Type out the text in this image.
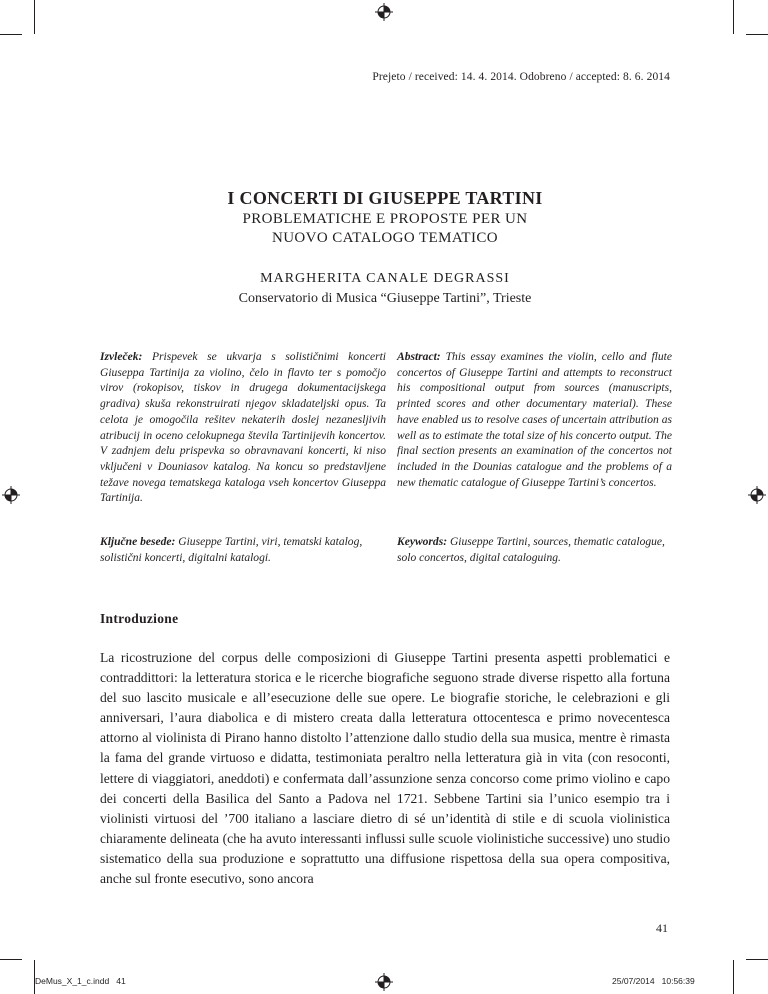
Prejeto / received: 14. 4. 2014. Odobreno / accepted: 8. 6. 2014
I CONCERTI DI GIUSEPPE TARTINI
PROBLEMATICHE E PROPOSTE PER UN
NUOVO CATALOGO TEMATICO
MARGHERITA CANALE DEGRASSI
Conservatorio di Musica “Giuseppe Tartini”, Trieste
Izvleček: Prispevek se ukvarja s solističnimi koncerti Giuseppa Tartinija za violino, čelo in flavto ter s pomočjo virov (rokopisov, tiskov in drugega dokumentacijskega gradiva) skuša rekonstruirati njegov skladateljski opus. Ta celota je omogočila rešitev nekaterih doslej nezanesljivih atribucij in oceno celokupnega števila Tartinijevih koncertov. V zadnjem delu prispevka so obravnavani koncerti, ki niso vključeni v Douniasov katalog. Na koncu so predstavljene težave novega tematskega kataloga vseh koncertov Giuseppa Tartinija.
Abstract: This essay examines the violin, cello and flute concertos of Giuseppe Tartini and attempts to reconstruct his compositional output from sources (manuscripts, printed scores and other documentary material). These have enabled us to resolve cases of uncertain attribution as well as to estimate the total size of his concerto output. The final section presents an examination of the concertos not included in the Dounias catalogue and the problems of a new thematic catalogue of Giuseppe Tartini’s concertos.
Ključne besede: Giuseppe Tartini, viri, tematski katalog, solistični koncerti, digitalni katalogi.
Keywords: Giuseppe Tartini, sources, thematic catalogue, solo concertos, digital cataloguing.
Introduzione

La ricostruzione del corpus delle composizioni di Giuseppe Tartini presenta aspetti problematici e contraddittori: la letteratura storica e le ricerche biografiche seguono strade diverse rispetto alla fortuna del suo lascito musicale e all’esecuzione delle sue opere. Le biografie storiche, le celebrazioni e gli anniversari, l’aura diabolica e di mistero creata dalla letteratura ottocentesca e primo novecentesca attorno al violinista di Pirano hanno distolto l’attenzione dallo studio della sua musica, mentre è rimasta la fama del grande virtuoso e didatta, testimoniata peraltro nella letteratura già in vita (con resoconti, lettere di viaggiatori, aneddoti) e confermata dall’assunzione senza concorso come primo violino e capo dei concerti della Basilica del Santo a Padova nel 1721. Sebbene Tartini sia l’unico esempio tra i violinisti virtuosi del ’700 italiano a lasciare dietro di sé un’identità di stile e di scuola violinistica chiaramente delineata (che ha avuto interessanti influssi sulle scuole violinistiche successive) uno studio sistematico della sua produzione e soprattutto una diffusione rispettosa della sua opera compositiva, anche sul fronte esecutivo, sono ancora

41
DeMus_X_1_c.indd   41	25/07/2014   10:56:39
